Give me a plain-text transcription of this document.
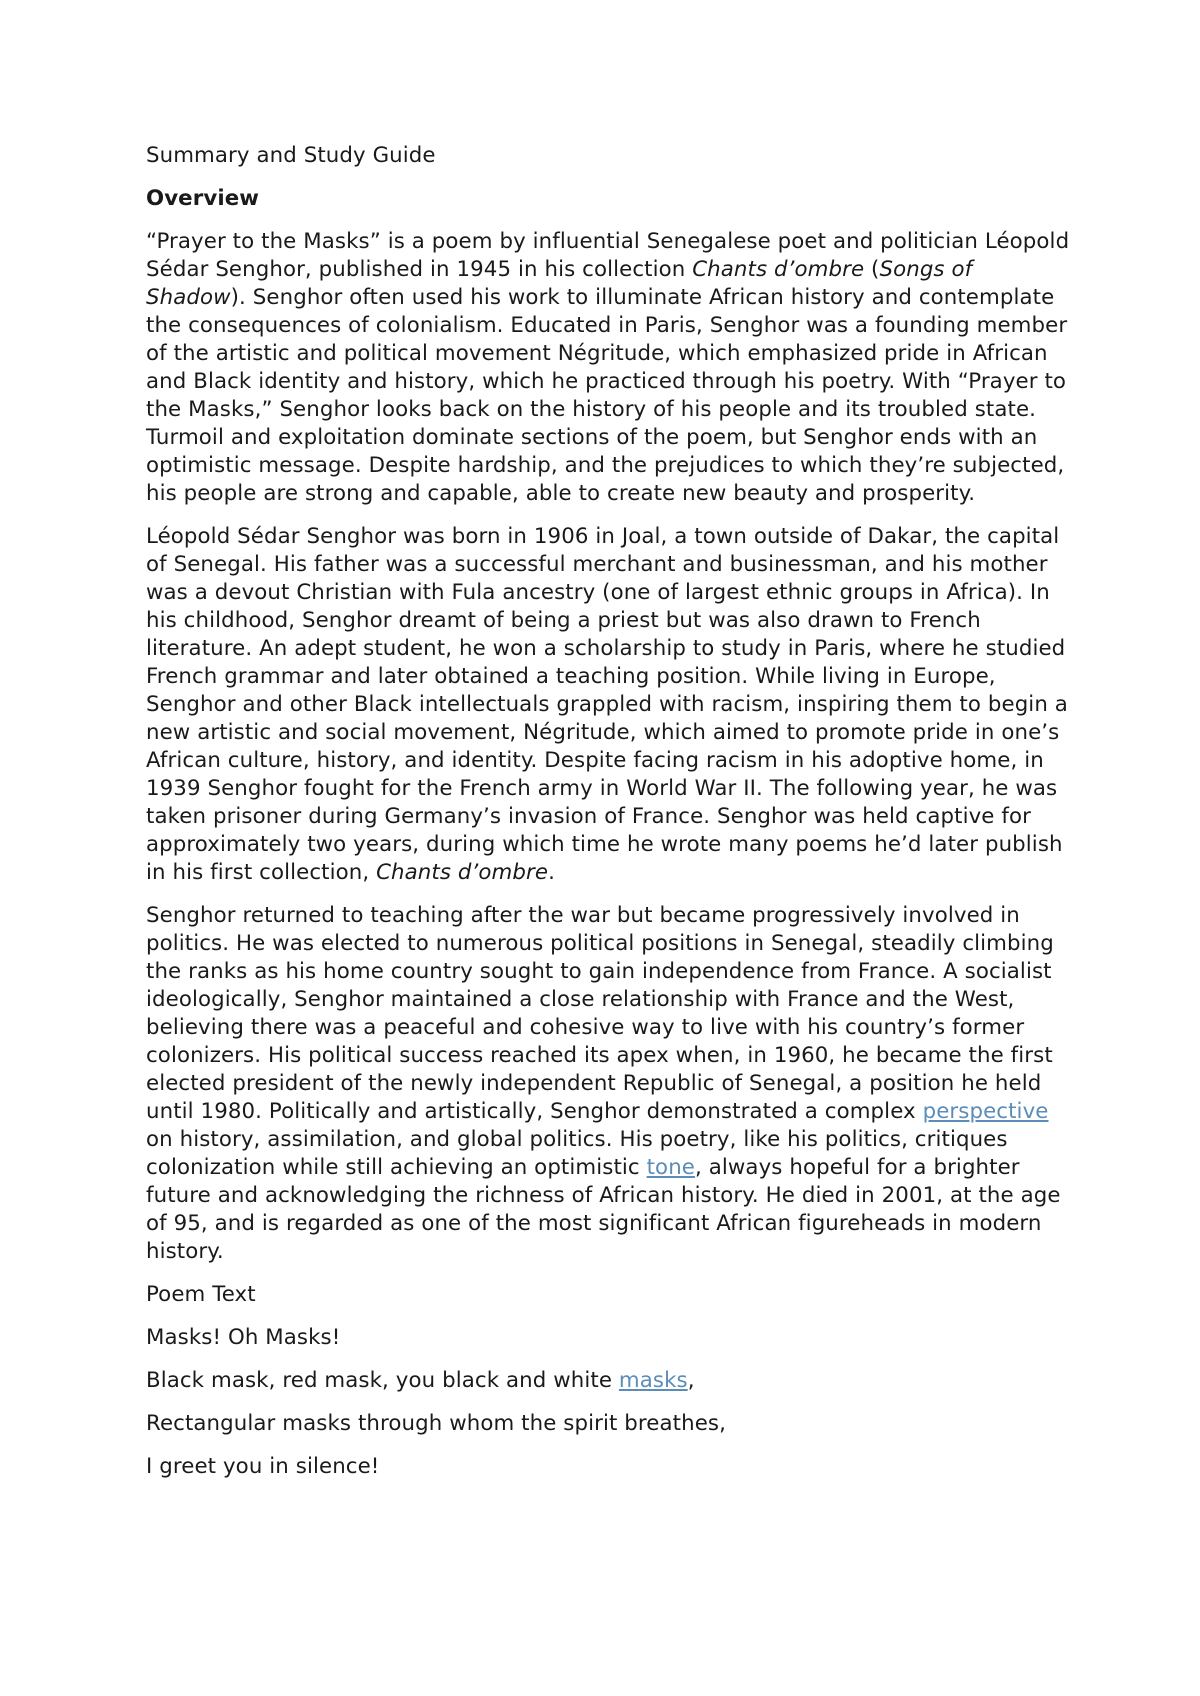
Summary and Study Guide

Overview

“Prayer to the Masks” is a poem by influential Senegalese poet and politician Léopold Sédar Senghor, published in 1945 in his collection Chants d’ombre (Songs of Shadow). Senghor often used his work to illuminate African history and contemplate the consequences of colonialism. Educated in Paris, Senghor was a founding member of the artistic and political movement Négritude, which emphasized pride in African and Black identity and history, which he practiced through his poetry. With “Prayer to the Masks,” Senghor looks back on the history of his people and its troubled state. Turmoil and exploitation dominate sections of the poem, but Senghor ends with an optimistic message. Despite hardship, and the prejudices to which they’re subjected, his people are strong and capable, able to create new beauty and prosperity.

Léopold Sédar Senghor was born in 1906 in Joal, a town outside of Dakar, the capital of Senegal. His father was a successful merchant and businessman, and his mother was a devout Christian with Fula ancestry (one of largest ethnic groups in Africa). In his childhood, Senghor dreamt of being a priest but was also drawn to French literature. An adept student, he won a scholarship to study in Paris, where he studied French grammar and later obtained a teaching position. While living in Europe, Senghor and other Black intellectuals grappled with racism, inspiring them to begin a new artistic and social movement, Négritude, which aimed to promote pride in one’s African culture, history, and identity. Despite facing racism in his adoptive home, in 1939 Senghor fought for the French army in World War II. The following year, he was taken prisoner during Germany’s invasion of France. Senghor was held captive for approximately two years, during which time he wrote many poems he’d later publish in his first collection, Chants d’ombre.

Senghor returned to teaching after the war but became progressively involved in politics. He was elected to numerous political positions in Senegal, steadily climbing the ranks as his home country sought to gain independence from France. A socialist ideologically, Senghor maintained a close relationship with France and the West, believing there was a peaceful and cohesive way to live with his country’s former colonizers. His political success reached its apex when, in 1960, he became the first elected president of the newly independent Republic of Senegal, a position he held until 1980. Politically and artistically, Senghor demonstrated a complex perspective on history, assimilation, and global politics. His poetry, like his politics, critiques colonization while still achieving an optimistic tone, always hopeful for a brighter future and acknowledging the richness of African history. He died in 2001, at the age of 95, and is regarded as one of the most significant African figureheads in modern history.

Poem Text

Masks! Oh Masks!

Black mask, red mask, you black and white masks,

Rectangular masks through whom the spirit breathes,

I greet you in silence!
